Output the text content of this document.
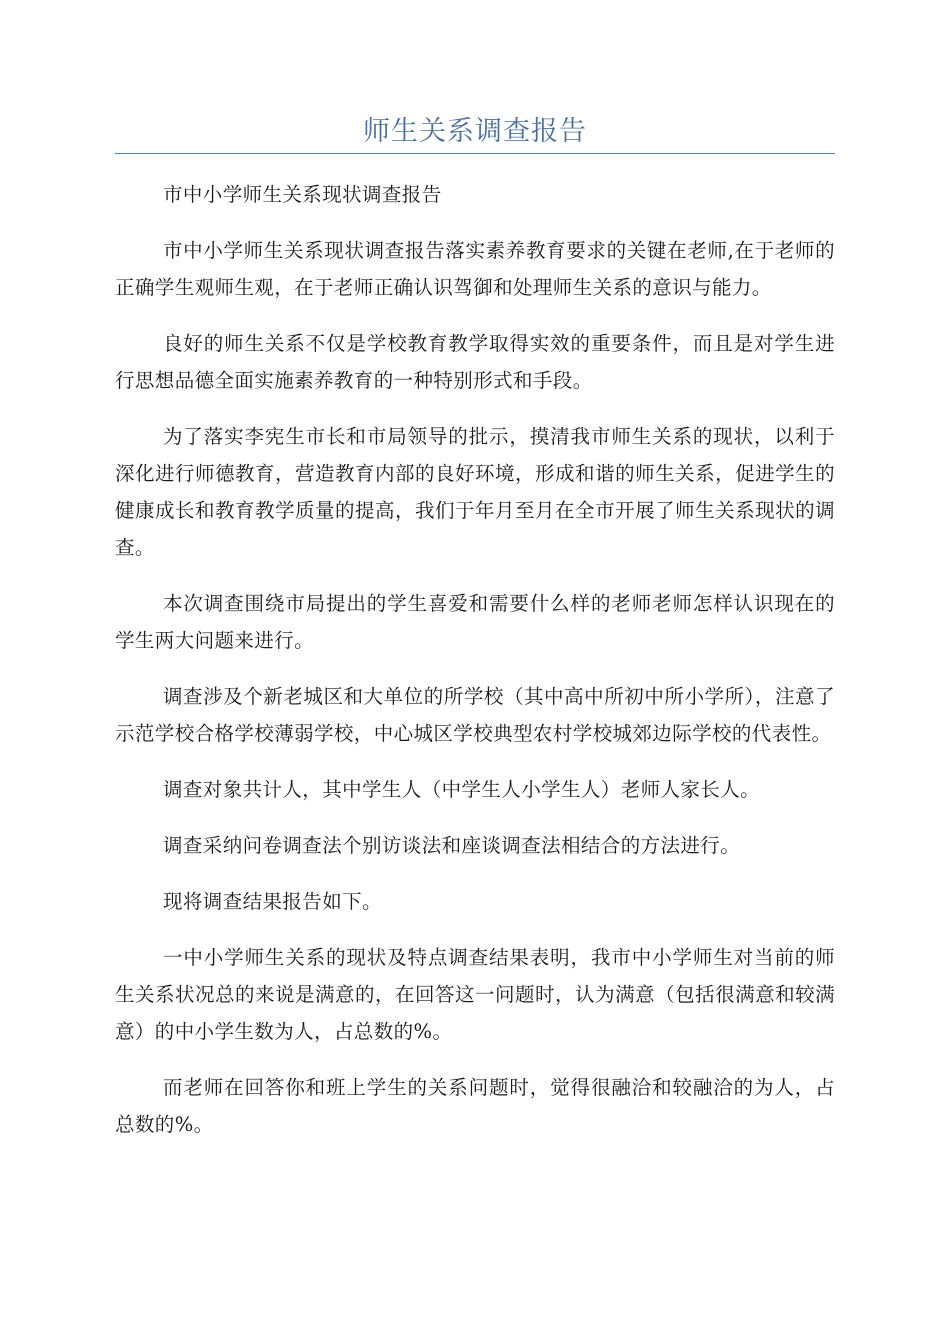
师生关系调查报告

市中小学师生关系现状调查报告

市中小学师生关系现状调查报告落实素养教育要求的关键在老师,在于老师的正确学生观师生观，在于老师正确认识驾御和处理师生关系的意识与能力。

良好的师生关系不仅是学校教育教学取得实效的重要条件，而且是对学生进行思想品德全面实施素养教育的一种特别形式和手段。

为了落实李宪生市长和市局领导的批示，摸清我市师生关系的现状，以利于深化进行师德教育，营造教育内部的良好环境，形成和谐的师生关系，促进学生的健康成长和教育教学质量的提高，我们于年月至月在全市开展了师生关系现状的调查。

本次调查围绕市局提出的学生喜爱和需要什么样的老师老师怎样认识现在的学生两大问题来进行。

调查涉及个新老城区和大单位的所学校（其中高中所初中所小学所），注意了示范学校合格学校薄弱学校，中心城区学校典型农村学校城郊边际学校的代表性。

调查对象共计人，其中学生人（中学生人小学生人）老师人家长人。

调查采纳问卷调查法个别访谈法和座谈调查法相结合的方法进行。

现将调查结果报告如下。

一中小学师生关系的现状及特点调查结果表明，我市中小学师生对当前的师生关系状况总的来说是满意的，在回答这一问题时，认为满意（包括很满意和较满意）的中小学生数为人，占总数的%。

而老师在回答你和班上学生的关系问题时，觉得很融洽和较融洽的为人，占总数的%。
